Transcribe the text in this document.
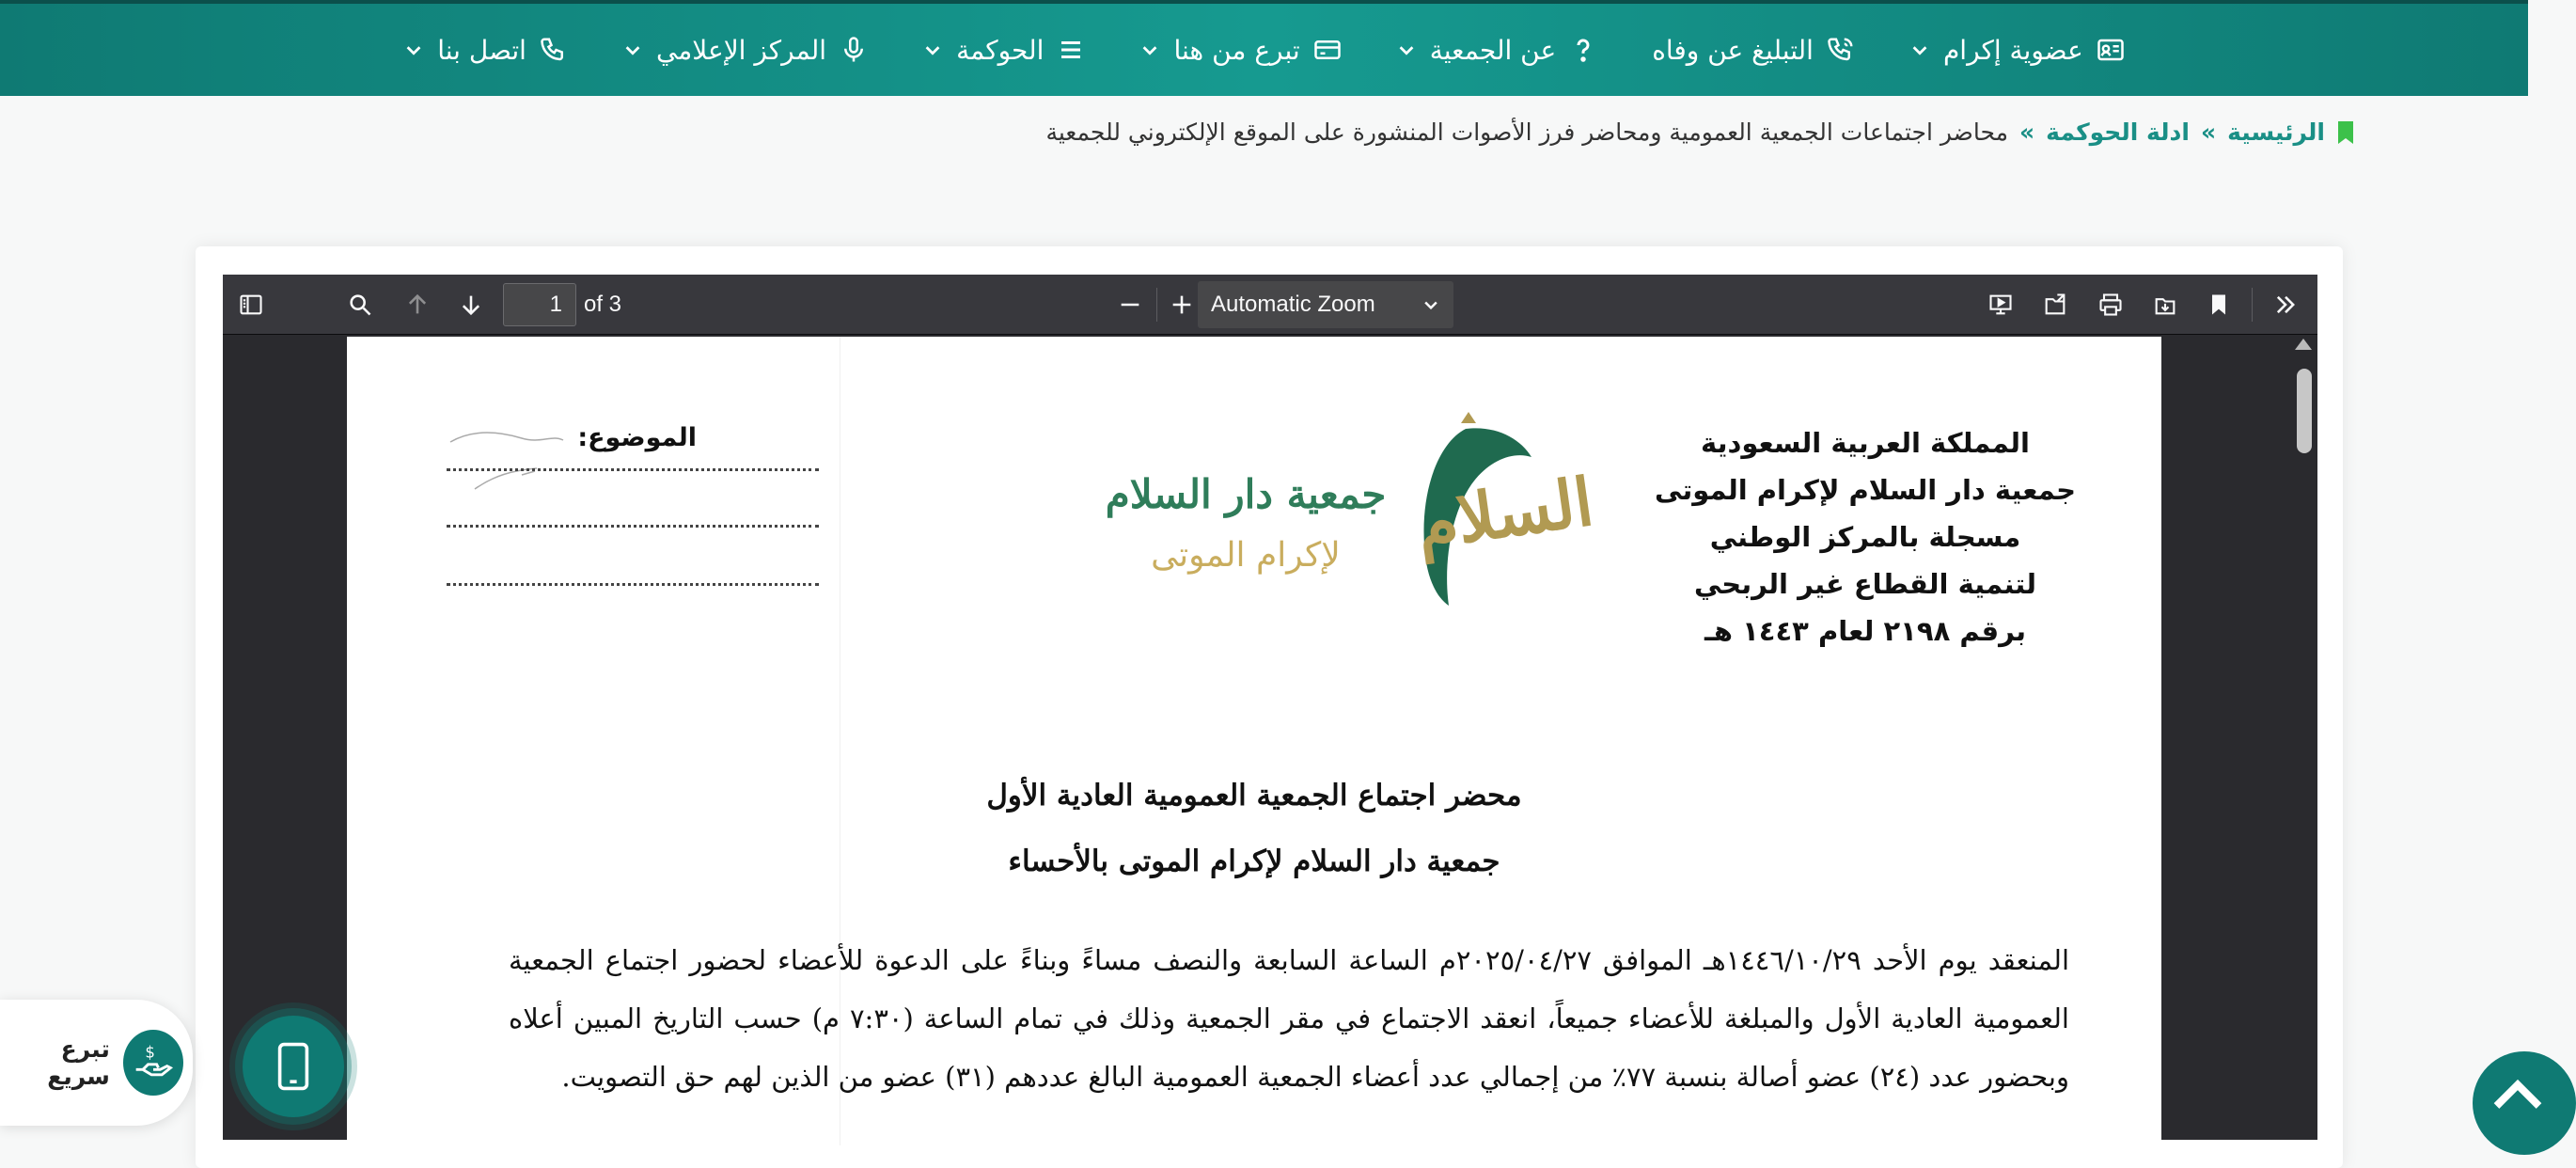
عضوية إكرام
التبليغ عن وفاه
عن الجمعية
تبرع من هنا
الحوكمة
المركز الإعلامي
اتصل بنا
الرئيسية
»
ادلة الحوكمة
»
محاضر اجتماعات الجمعية العمومية ومحاضر فرز الأصوات المنشورة على الموقع الإلكتروني للجمعية
1
of 3	Automatic Zoom
المملكة العربية السعودية
جمعية دار السلام لإكرام الموتى
مسجلة بالمركز الوطني
لتنمية القطاع غير الربحي
برقم ٢١٩٨ لعام ١٤٤٣ هـ
السلام
جمعية دار السلام
لإكرام الموتى
الموضوع:
محضر اجتماع الجمعية العمومية العادية الأول
جمعية دار السلام لإكرام الموتى بالأحساء
المنعقد يوم الأحد ١٤٤٦/١٠/٢٩هـ الموافق ٢٠٢٥/٠٤/٢٧م الساعة السابعة والنصف مساءً وبناءً على الدعوة للأعضاء لحضور اجتماع الجمعية العمومية العادية الأول والمبلغة للأعضاء جميعاً، انعقد الاجتماع في مقر الجمعية وذلك في تمام الساعة (٧:٣٠ م) حسب التاريخ المبين أعلاه وبحضور عدد (٢٤) عضو أصالة بنسبة ٧٧٪ من إجمالي عدد أعضاء الجمعية العمومية البالغ عددهم (٣١) عضو من الذين لهم حق التصويت.
$
تبرع سريع
